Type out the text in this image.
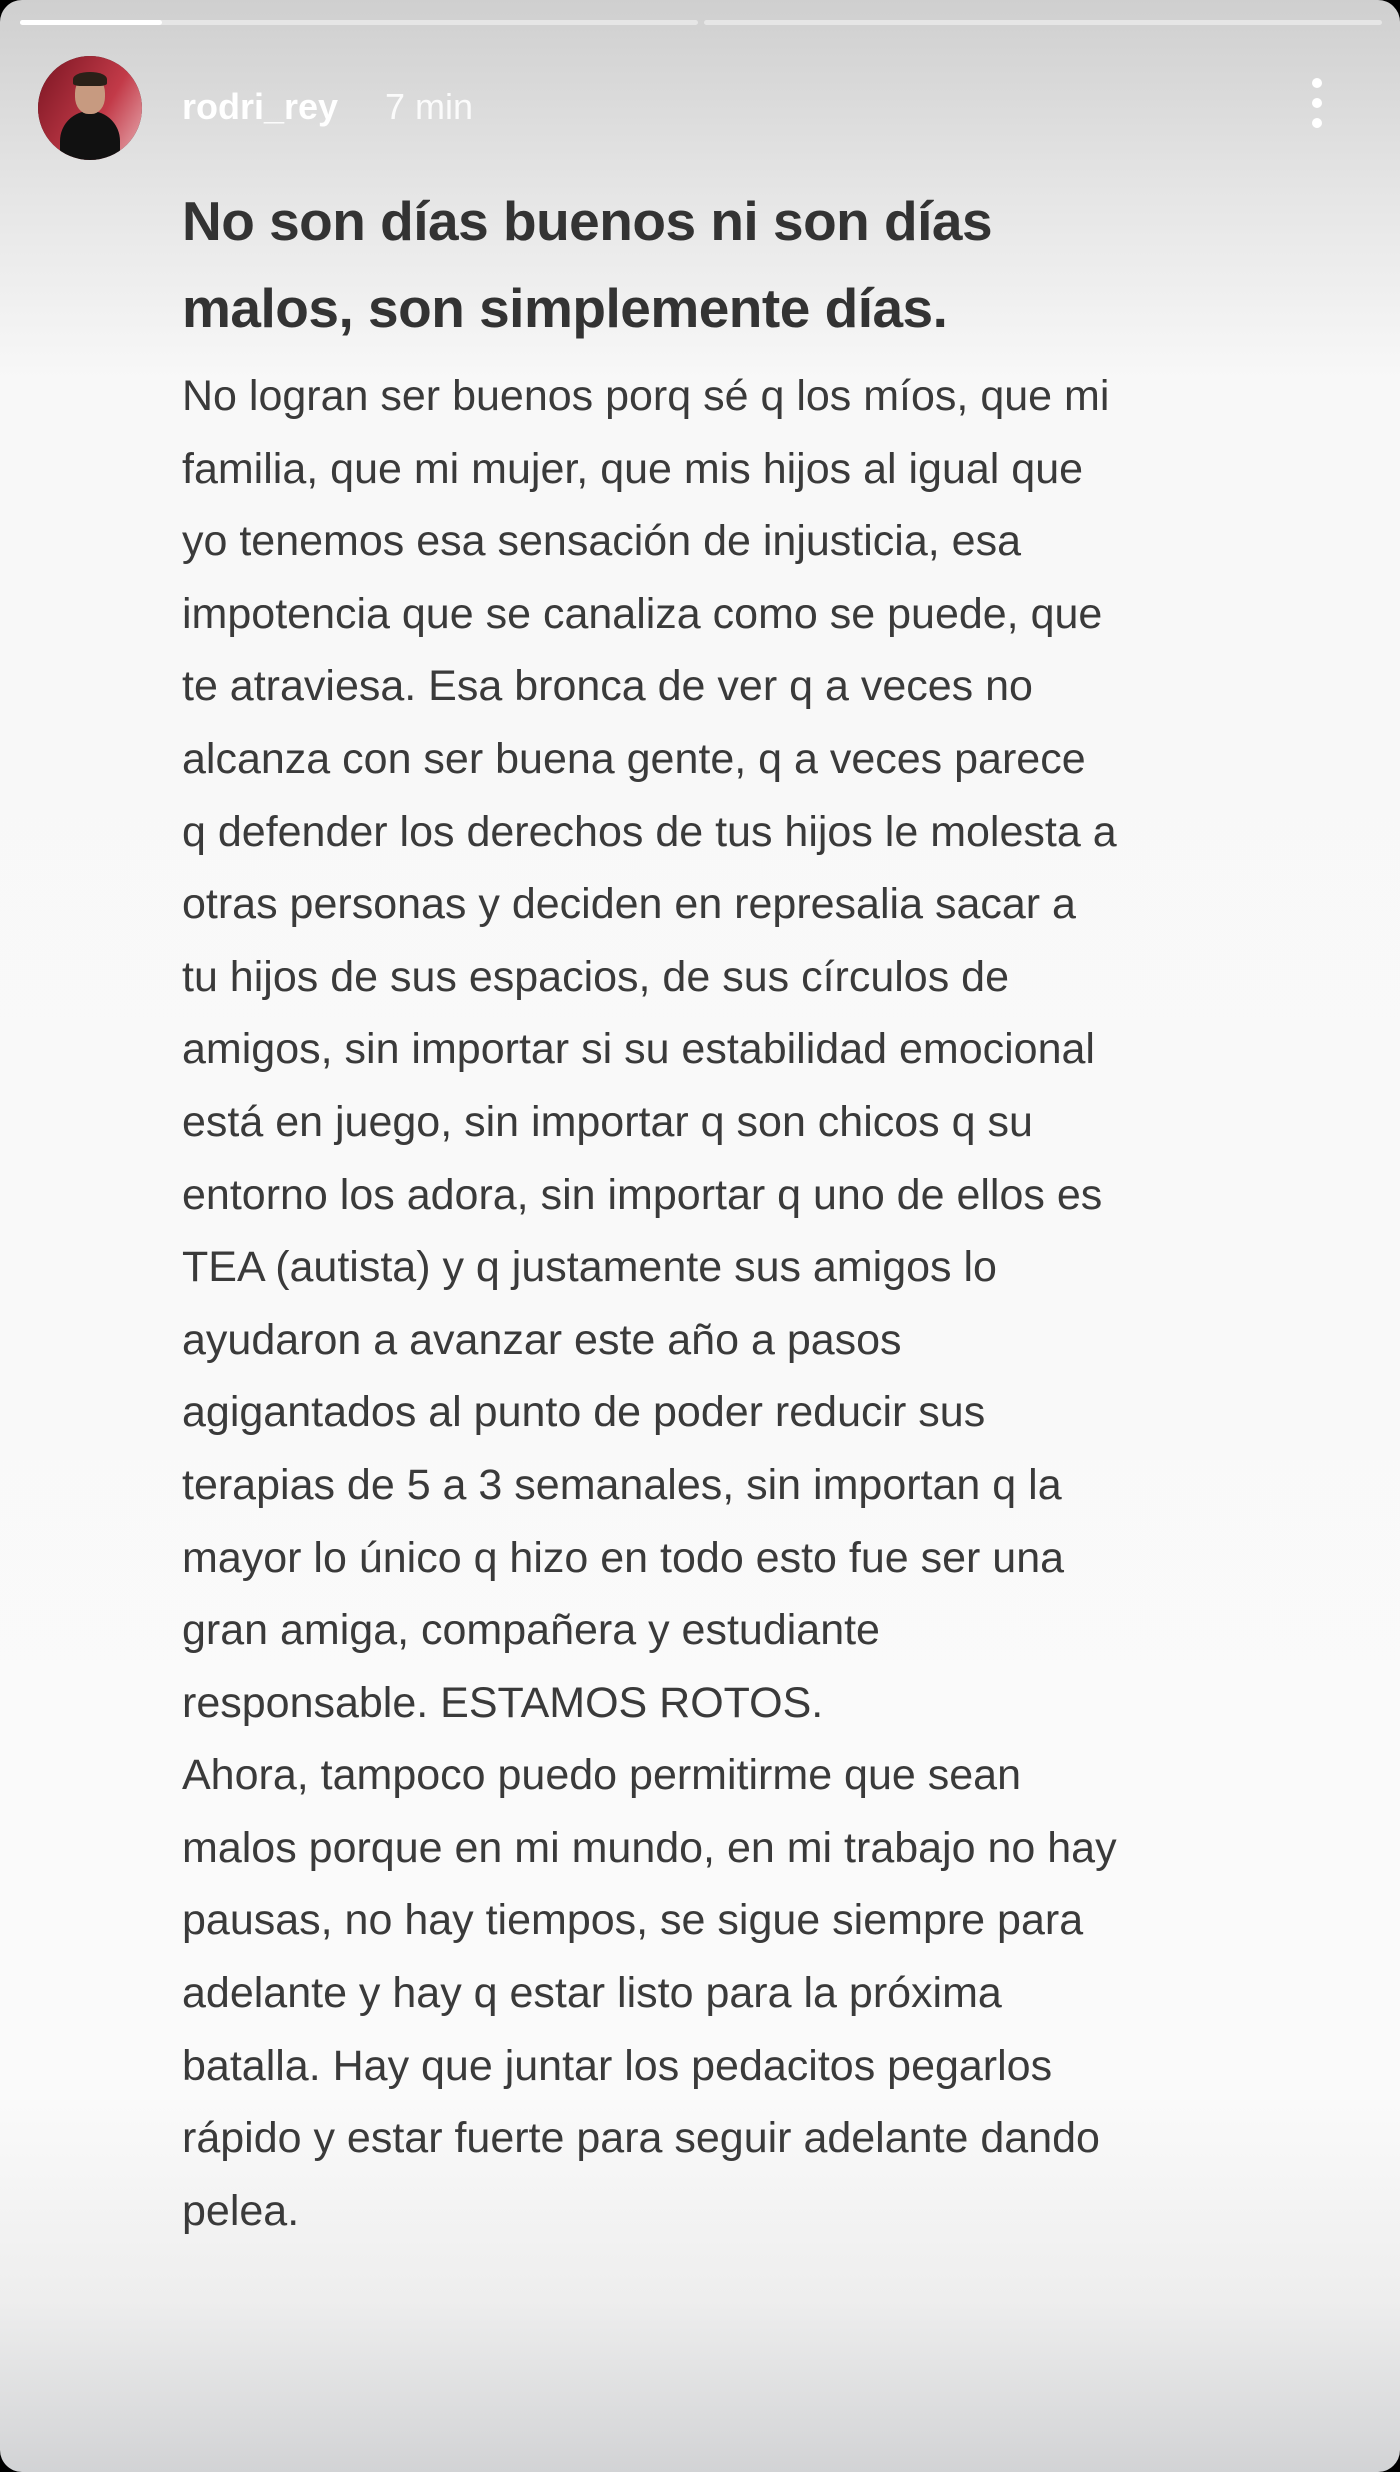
rodri_rey 7 min
No son días buenos ni son días
malos, son simplemente días.
No logran ser buenos porq sé q los míos, que mi
familia, que mi mujer, que mis hijos al igual que
yo tenemos esa sensación de injusticia, esa
impotencia que se canaliza como se puede, que
te atraviesa. Esa bronca de ver q a veces no
alcanza con ser buena gente, q a veces parece
q defender los derechos de tus hijos le molesta a
otras personas y deciden en represalia sacar a
tu hijos de sus espacios, de sus círculos de
amigos, sin importar si su estabilidad emocional
está en juego, sin importar q son chicos q su
entorno los adora, sin importar q uno de ellos es
TEA (autista) y q justamente sus amigos lo
ayudaron a avanzar este año a pasos
agigantados al punto de poder reducir sus
terapias de 5 a 3 semanales, sin importan q la
mayor lo único q hizo en todo esto fue ser una
gran amiga, compañera y estudiante
responsable. ESTAMOS ROTOS.
Ahora, tampoco puedo permitirme que sean
malos porque en mi mundo, en mi trabajo no hay
pausas, no hay tiempos, se sigue siempre para
adelante y hay q estar listo para la próxima
batalla. Hay que juntar los pedacitos pegarlos
rápido y estar fuerte para seguir adelante dando
pelea.
